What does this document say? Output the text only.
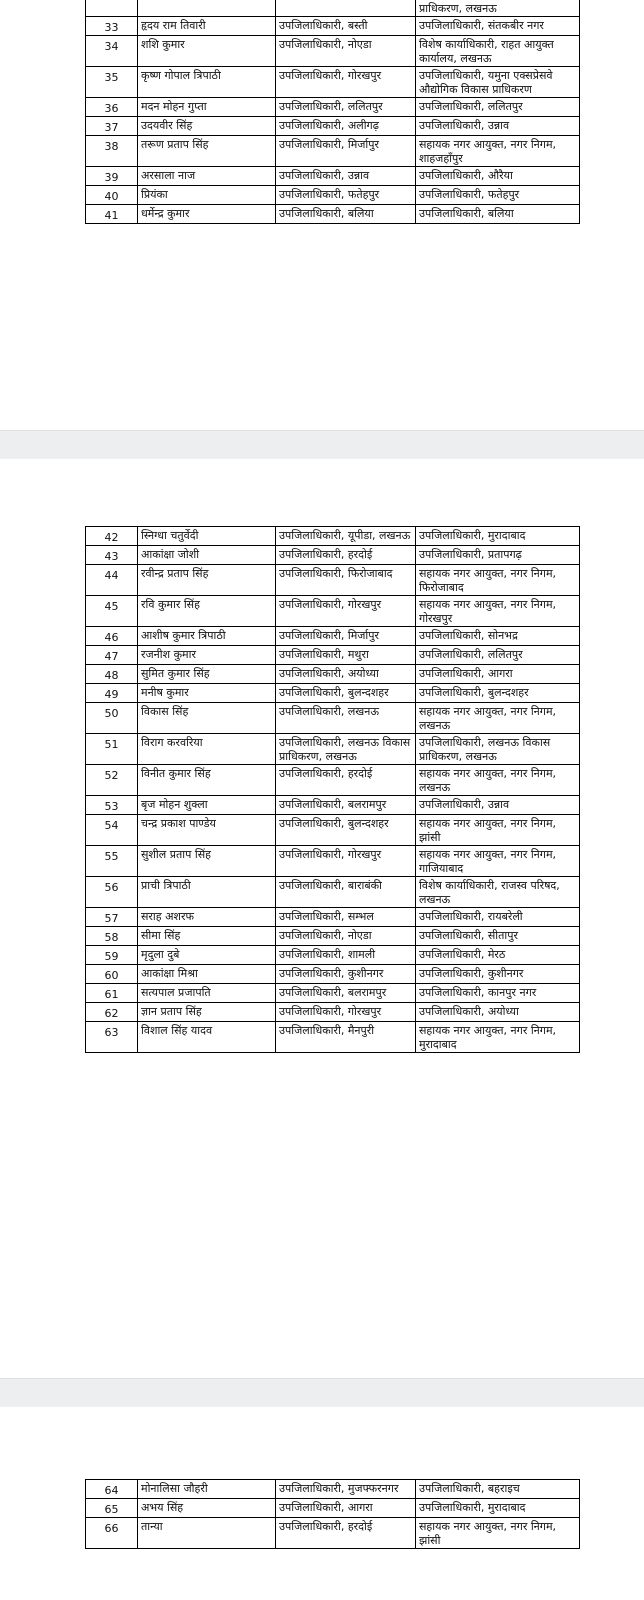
			प्राधिकरण, लखनऊ
33	हृदय राम तिवारी	उपजिलाधिकारी, बस्ती	उपजिलाधिकारी, संतकबीर नगर
34	शशि कुमार	उपजिलाधिकारी, नोएडा	विशेष कार्याधिकारी, राहत आयुक्त कार्यालय, लखनऊ
35	कृष्ण गोपाल त्रिपाठी	उपजिलाधिकारी, गोरखपुर	उपजिलाधिकारी, यमुना एक्सप्रेसवे औद्योगिक विकास प्राधिकरण
36	मदन मोहन गुप्ता	उपजिलाधिकारी, ललितपुर	उपजिलाधिकारी, ललितपुर
37	उदयवीर सिंह	उपजिलाधिकारी, अलीगढ़	उपजिलाधिकारी, उन्नाव
38	तरूण प्रताप सिंह	उपजिलाधिकारी, मिर्जापुर	सहायक नगर आयुक्त, नगर निगम, शाहजहाँपुर
39	अरसाला नाज	उपजिलाधिकारी, उन्नाव	उपजिलाधिकारी, औरैया
40	प्रियंका	उपजिलाधिकारी, फतेहपुर	उपजिलाधिकारी, फतेहपुर
41	धर्मेन्द्र कुमार	उपजिलाधिकारी, बलिया	उपजिलाधिकारी, बलिया
42	स्निग्धा चतुर्वेदी	उपजिलाधिकारी, यूपीडा, लखनऊ	उपजिलाधिकारी, मुरादाबाद
43	आकांक्षा जोशी	उपजिलाधिकारी, हरदोई	उपजिलाधिकारी, प्रतापगढ़
44	रवीन्द्र प्रताप सिंह	उपजिलाधिकारी, फिरोजाबाद	सहायक नगर आयुक्त, नगर निगम, फिरोजाबाद
45	रवि कुमार सिंह	उपजिलाधिकारी, गोरखपुर	सहायक नगर आयुक्त, नगर निगम, गोरखपुर
46	आशीष कुमार त्रिपाठी	उपजिलाधिकारी, मिर्जापुर	उपजिलाधिकारी, सोनभद्र
47	रजनीश कुमार	उपजिलाधिकारी, मथुरा	उपजिलाधिकारी, ललितपुर
48	सुमित कुमार सिंह	उपजिलाधिकारी, अयोध्या	उपजिलाधिकारी, आगरा
49	मनीष कुमार	उपजिलाधिकारी, बुलन्दशहर	उपजिलाधिकारी, बुलन्दशहर
50	विकास सिंह	उपजिलाधिकारी, लखनऊ	सहायक नगर आयुक्त, नगर निगम, लखनऊ
51	विराग करवरिया	उपजिलाधिकारी, लखनऊ विकास प्राधिकरण, लखनऊ	उपजिलाधिकारी, लखनऊ विकास प्राधिकरण, लखनऊ
52	विनीत कुमार सिंह	उपजिलाधिकारी, हरदोई	सहायक नगर आयुक्त, नगर निगम, लखनऊ
53	बृज मोहन शुक्ला	उपजिलाधिकारी, बलरामपुर	उपजिलाधिकारी, उन्नाव
54	चन्द्र प्रकाश पाण्डेय	उपजिलाधिकारी, बुलन्दशहर	सहायक नगर आयुक्त, नगर निगम, झांसी
55	सुशील प्रताप सिंह	उपजिलाधिकारी, गोरखपुर	सहायक नगर आयुक्त, नगर निगम, गाजियाबाद
56	प्राची त्रिपाठी	उपजिलाधिकारी, बाराबंकी	विशेष कार्याधिकारी, राजस्व परिषद, लखनऊ
57	सराह अशरफ	उपजिलाधिकारी, सम्भल	उपजिलाधिकारी, रायबरेली
58	सीमा सिंह	उपजिलाधिकारी, नोएडा	उपजिलाधिकारी, सीतापुर
59	मृदुला दुबे	उपजिलाधिकारी, शामली	उपजिलाधिकारी, मेरठ
60	आकांक्षा मिश्रा	उपजिलाधिकारी, कुशीनगर	उपजिलाधिकारी, कुशीनगर
61	सत्यपाल प्रजापति	उपजिलाधिकारी, बलरामपुर	उपजिलाधिकारी, कानपुर नगर
62	ज्ञान प्रताप सिंह	उपजिलाधिकारी, गोरखपुर	उपजिलाधिकारी, अयोध्या
63	विशाल सिंह यादव	उपजिलाधिकारी, मैनपुरी	सहायक नगर आयुक्त, नगर निगम, मुरादाबाद
64	मोनालिसा जौहरी	उपजिलाधिकारी, मुजफ्फरनगर	उपजिलाधिकारी, बहराइच
65	अभय सिंह	उपजिलाधिकारी, आगरा	उपजिलाधिकारी, मुरादाबाद
66	तान्या	उपजिलाधिकारी, हरदोई	सहायक नगर आयुक्त, नगर निगम, झांसी
